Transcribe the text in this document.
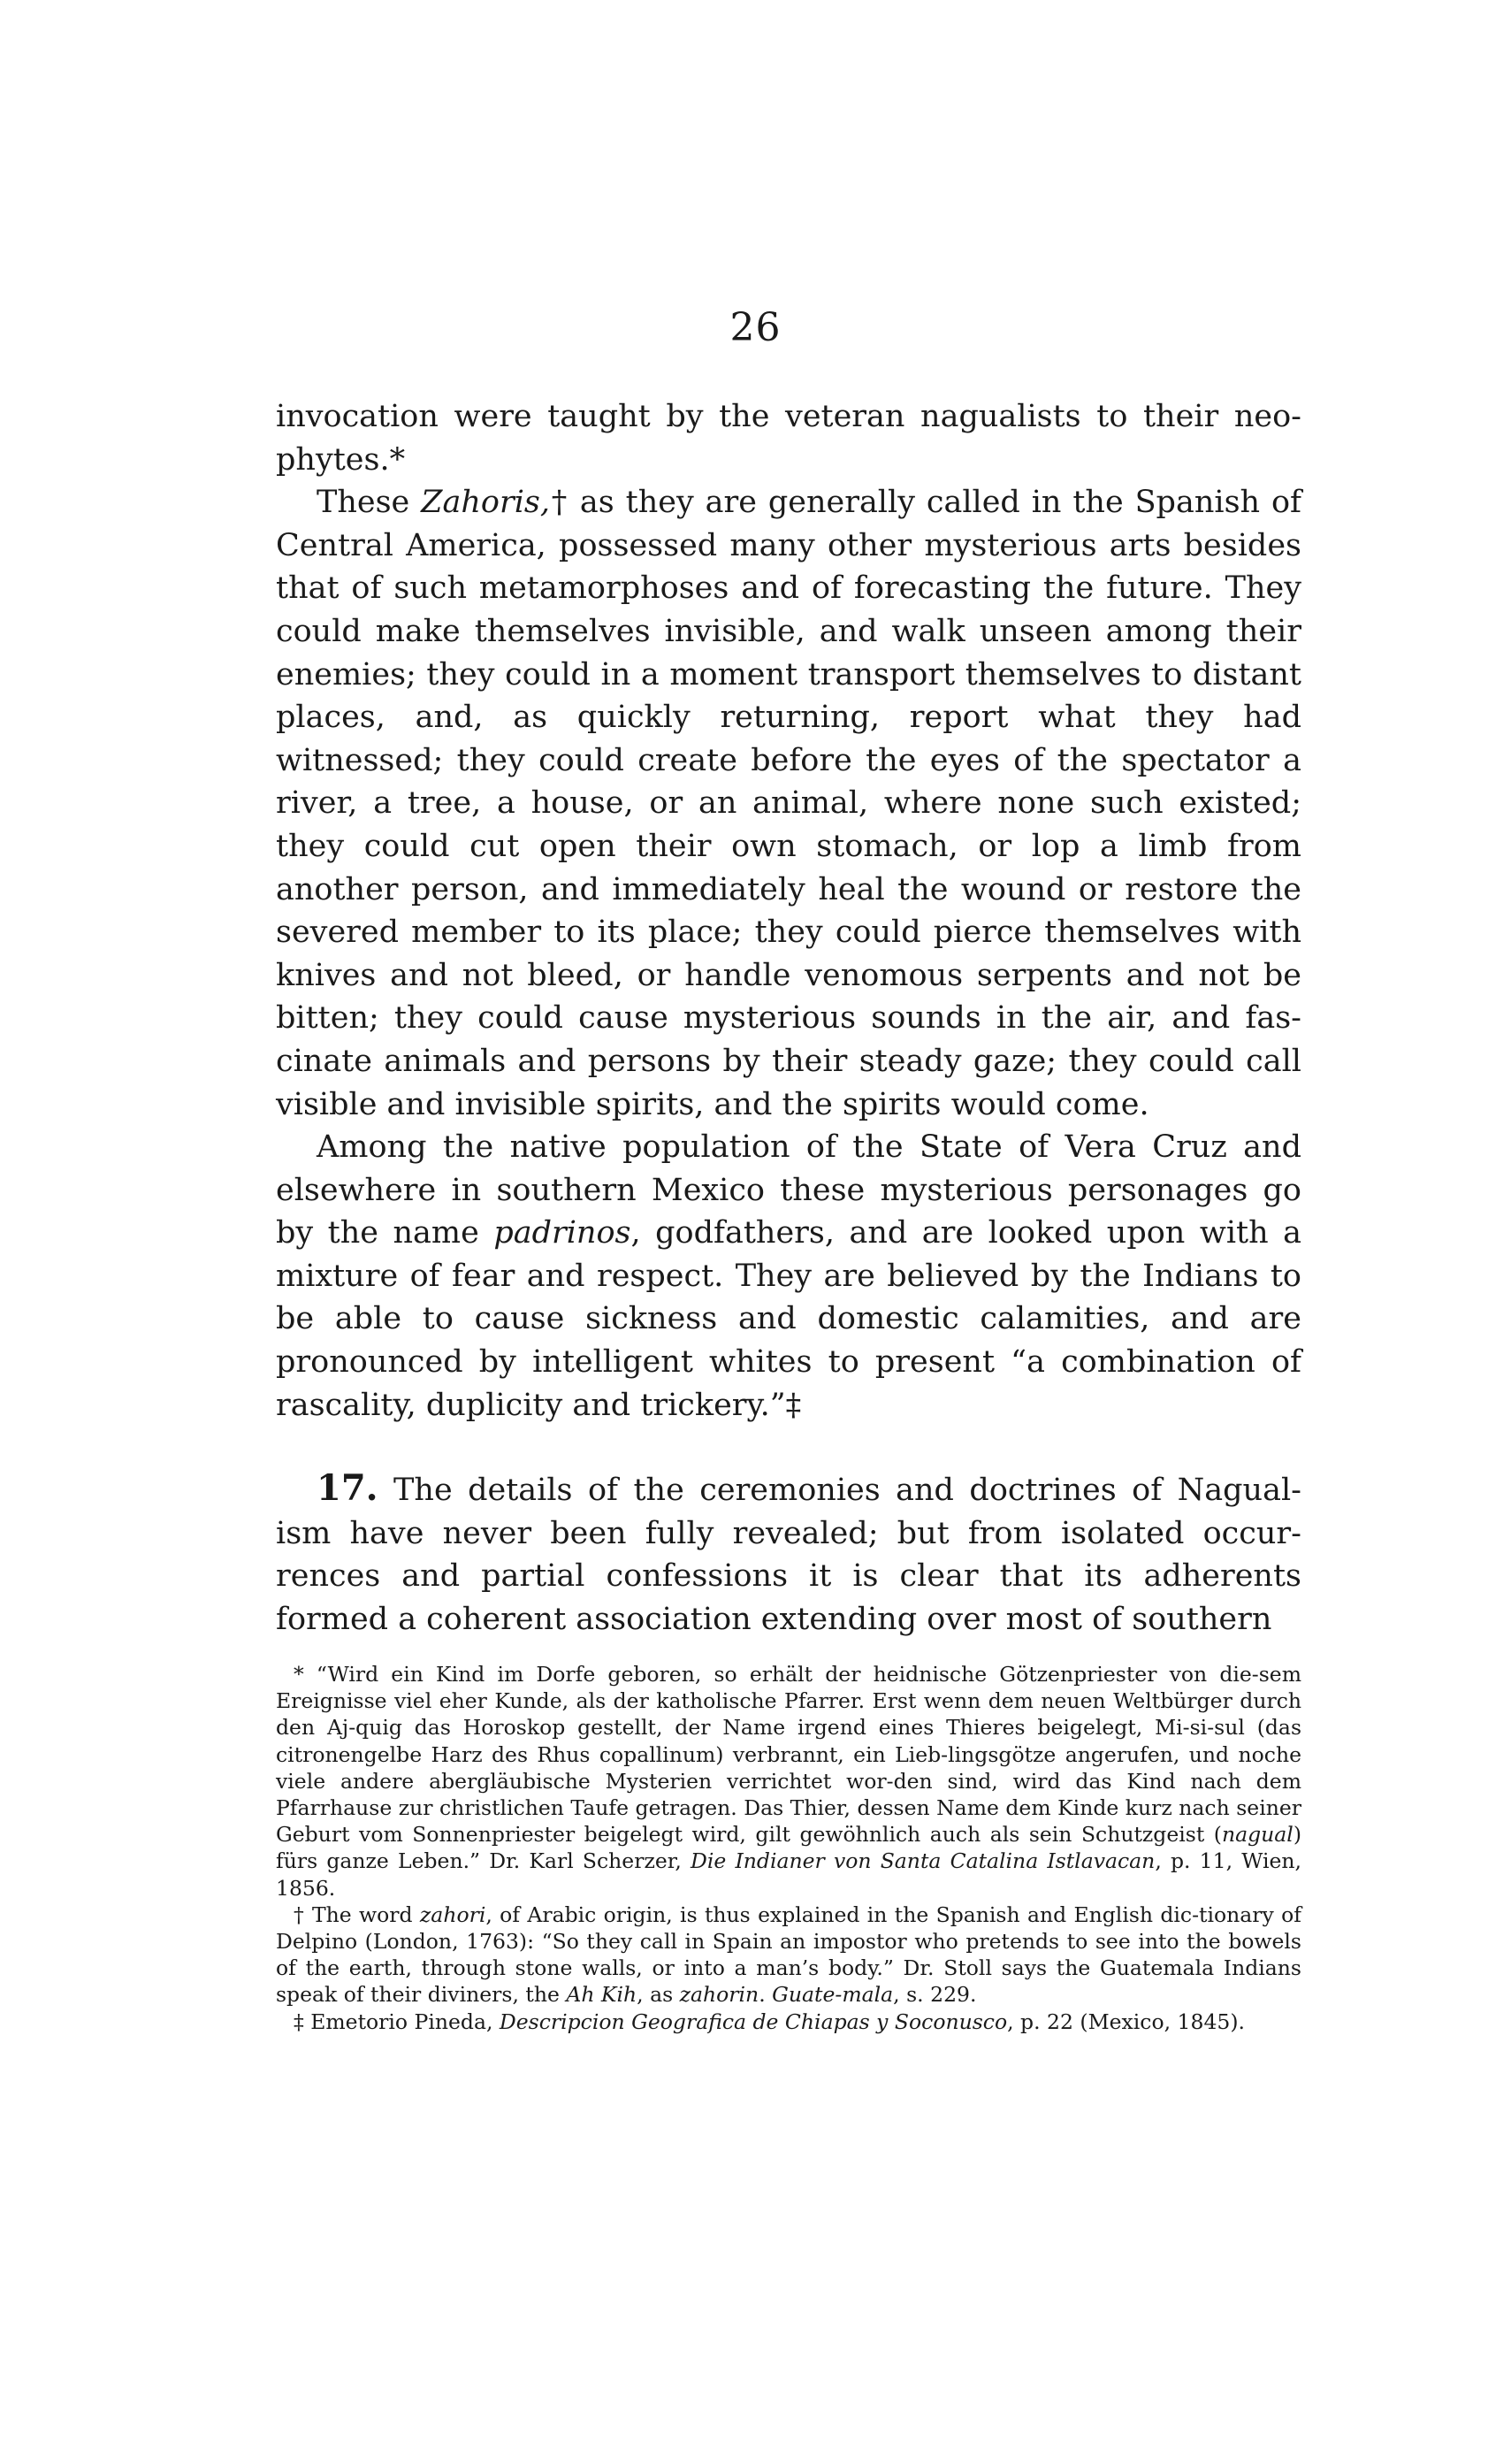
26

invocation were taught by the veteran nagualists to their neo-phytes.*

These Zahoris,† as they are generally called in the Spanish of Central America, possessed many other mysterious arts besides that of such metamorphoses and of forecasting the future. They could make themselves invisible, and walk unseen among their enemies; they could in a moment transport themselves to distant places, and, as quickly returning, report what they had witnessed; they could create before the eyes of the spectator a river, a tree, a house, or an animal, where none such existed; they could cut open their own stomach, or lop a limb from another person, and immediately heal the wound or restore the severed member to its place; they could pierce themselves with knives and not bleed, or handle venomous serpents and not be bitten; they could cause mysterious sounds in the air, and fas-cinate animals and persons by their steady gaze; they could call visible and invisible spirits, and the spirits would come.

Among the native population of the State of Vera Cruz and elsewhere in southern Mexico these mysterious personages go by the name padrinos, godfathers, and are looked upon with a mixture of fear and respect. They are believed by the Indians to be able to cause sickness and domestic calamities, and are pronounced by intelligent whites to present “a combination of rascality, duplicity and trickery.”‡

17. The details of the ceremonies and doctrines of Nagual-ism have never been fully revealed; but from isolated occur-rences and partial confessions it is clear that its adherents formed a coherent association extending over most of southern

* “Wird ein Kind im Dorfe geboren, so erhält der heidnische Götzenpriester von die-sem Ereignisse viel eher Kunde, als der katholische Pfarrer. Erst wenn dem neuen Weltbürger durch den Aj-quig das Horoskop gestellt, der Name irgend eines Thieres beigelegt, Mi-si-sul (das citronengelbe Harz des Rhus copallinum) verbrannt, ein Lieb-lingsgötze angerufen, und noche viele andere abergläubische Mysterien verrichtet wor-den sind, wird das Kind nach dem Pfarrhause zur christlichen Taufe getragen. Das Thier, dessen Name dem Kinde kurz nach seiner Geburt vom Sonnenpriester beigelegt wird, gilt gewöhnlich auch als sein Schutzgeist (nagual) fürs ganze Leben.” Dr. Karl Scherzer, Die Indianer von Santa Catalina Istlavacan, p. 11, Wien, 1856.

† The word zahori, of Arabic origin, is thus explained in the Spanish and English dic-tionary of Delpino (London, 1763): “So they call in Spain an impostor who pretends to see into the bowels of the earth, through stone walls, or into a man’s body.” Dr. Stoll says the Guatemala Indians speak of their diviners, the Ah Kih, as zahorin. Guate-mala, s. 229.

‡ Emetorio Pineda, Descripcion Geografica de Chiapas y Soconusco, p. 22 (Mexico, 1845).
